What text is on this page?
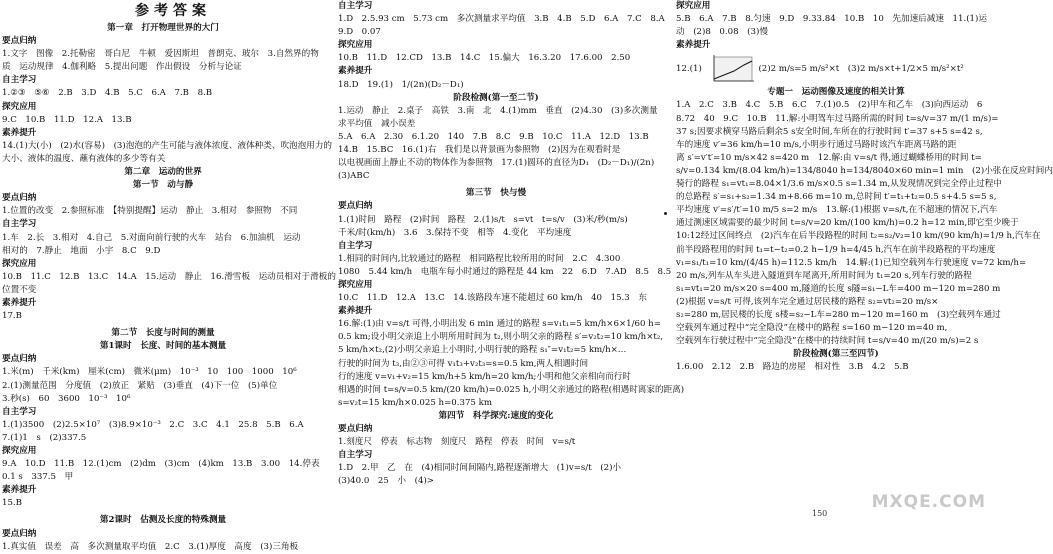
参考答案
第一章　打开物理世界的大门
要点归纳
1.文字　图像　2.托勒密　哥白尼　牛顿　爱因斯坦　普朗克、玻尔　3.自然界的物
质　运动规律　4.伽利略　5.提出问题　作出假设　分析与论证
自主学习
1.②③　⑤⑥　2.B　3.D　4.B　5.C　6.A　7.B　8.B
探究应用
9.C　10.B　11.D　12.A　13.B
素养提升
14.(1)大(小)　(2)水(容易)　(3)泡泡的产生可能与液体浓度、液体种类、吹泡泡用力的
大小、液体的温度、蘸有液体的多少等有关
第二章　运动的世界
第一节　动与静
要点归纳
1.位置的改变　2.参照标准　【特别提醒】运动　静止　3.相对　参照物　不同
自主学习
1.车　2.长　3.相对　4.自己　5.对面向前行驶的火车　站台　6.加油机　运动
相对的　7.静止　地面　小宇　8.C　9.D
探究应用
10.B　11.C　12.B　13.C　14.A　15.运动　静止　16.滑雪板　运动员相对于滑板的
位置不变
素养提升
17.B
第二节　长度与时间的测量
第1课时　长度、时间的基本测量
要点归纳
1.米(m)　千米(km)　厘米(cm)　微米(μm)　10⁻³　10　100　1000　10⁶
2.(1)测量范围　分度值　(2)放正　紧贴　(3)垂直　(4)下一位　(5)单位
3.秒(s)　60　3600　10⁻³　10⁶
自主学习
1.(1)3500　(2)2.5×10⁷　(3)8.9×10⁻³　2.C　3.C　4.1　25.8　5.B　6.A
7.(1)1　s　(2)337.5
探究应用
9.A　10.D　11.B　12.(1)cm　(2)dm　(3)cm　(4)km　13.B　3.00　14.停表
0.1 s　337.5　甲
素养提升
15.B
第2课时　估测及长度的特殊测量
要点归纳
1.真实值　误差　高　多次测量取平均值　2.C　3.(1)厚度　高度　(3)三角板
自主学习
1.D　2.5.93 cm　5.73 cm　多次测量求平均值　3.B　4.B　5.D　6.A　7.C　8.A
9.D　0.07
探究应用
10.B　11.D　12.CD　13.B　14.C　15.偏大　16.3.20　17.6.00　2.50
素养提升
18.D　19.(1)　1/(2n)(D₂－D₁)
阶段检测(第一至二节)
1.运动　静止　2.桌子　高铁　3.南　北　4.(1)mm　垂直　(2)4.30　(3)多次测量
求平均值　减小误差
5.A　6.A　2.30　6.1.20　140　7.B　8.C　9.B　10.C　11.A　12.D　13.B
14.B　15.BC　16.(1)右　我们是以背景画为参照物　(2)因为在观看时是
以电视画面上静止不动的物体作为参照物　17.(1)圆环的直径为D₁　(D₂－D₁)/(2n)
(3)ABC
第三节　快与慢
要点归纳
1.(1)时间　路程　(2)时间　路程　2.(1)s/t　s=vt　t=s/v　(3)米/秒(m/s)
千米/时(km/h)　3.6　3.保持不变　相等　4.变化　平均速度
自主学习
1.相同的时间内,比较通过的路程　相同路程比较所用的时间　2.C　4.300
1080　5.44 km/h　电瓶车每小时通过的路程是 44 km　22　6.D　7.AD　8.5　8.5
探究应用
10.C　11.D　12.A　13.C　14.该路段车速不能超过 60 km/h　40　15.3　东
素养提升
16.解:(1)由 v=s/t 可得,小明出发 6 min 通过的路程 s=v₁t₁=5 km/h×6×1/60 h=
0.5 km;设小明父亲追上小明所用时间为 t₂,则小明父亲的路程 s′=v₂t₂=10 km/h×t₂,
5 km/h×t₂,(2)小明父亲追上小明时,小明行驶的路程 s₁″=v₁t₂=5 km/h×…
行驶的时间为 t₃,由②③可得 v₁t₃+v₂t₃=s=0.5 km,两人相遇时间
行的速度 v=v₁+v₂=15 km/h+5 km/h=20 km/h;小明和他父亲相向而行时
相遇的时间 t=s/v=0.5 km/(20 km/h)=0.025 h,小明父亲通过的路程(相遇时离家的距离)
s=v₂t=15 km/h×0.025 h=0.375 km
第四节　科学探究:速度的变化
要点归纳
1.刻度尺　停表　标志物　刻度尺　路程　停表　时间　v=s/t
自主学习
1.D　2.甲　乙　在　(4)相同时间间隔内,路程逐渐增大　(1)v=s/t　(2)小
(3)40.0　25　小　(4)>
探究应用
5.B　6.A　7.B　8.匀速　9.D　9.33.84　10.B　10　先加速后减速　11.(1)运
动　(2)8　0.08　(3)慢
素养提升
12.(1)　	(2)2 m/s=5 m/s²×t　(3)2 m/s×t+1/2×5 m/s²×t²
专题一　运动图像及速度的相关计算
1.A　2.C　3.B　4.C　5.B　6.C　7.(1)0.5　(2)甲车和乙车　(3)向西运动　6
8.72　40　9.C　10.B　11.解:小明驾车过马路所需的时间 t=s/v=37 m/(1 m/s)=
37 s;因要求横穿马路后剩余5 s安全时间,车所在的行驶时间 t′=37 s+5 s=42 s,
车的速度 v′=36 km/h=10 m/s,小明步行通过马路时该汽车距离马路的距
离 s′=v′t′=10 m/s×42 s=420 m　12.解:由 v=s/t 得,通过蝴蝶桥用的时间 t=
s/v=0.134 km/(8.04 km/h)=134/8040 h=134/8040×60 min=1 min　(2)小张在反应时间内
骑行的路程 s₁=vt₁=8.04×1/3.6 m/s×0.5 s=1.34 m,从发现情况到完全停止过程中
的总路程 s′=s₁+s₂=1.34 m+8.66 m=10 m,总时间 t′=t₁+t₂=0.5 s+4.5 s=5 s,
平均速度 v′=s′/t′=10 m/5 s=2 m/s　13.解:(1)根据 v=s/t,在不超速的情况下,汽车
通过测速区域需要的最少时间 t=s/v=20 km/(100 km/h)=0.2 h=12 min,即它至少晚于
10:12经过区间终点　(2)汽车在后半段路程的时间 t₂=s₂/v₂=10 km/(90 km/h)=1/9 h,汽车在
前半段路程用的时间 t₁=t−t₂=0.2 h−1/9 h=4/45 h,汽车在前半段路程的平均速度
v₁=s₁/t₁=10 km/(4/45 h)=112.5 km/h　14.解:(1)已知空载列车行驶速度 v=72 km/h=
20 m/s,列车从车头进入隧道到车尾离开,所用时间为 t₁=20 s,列车行驶的路程
s₁=vt₁=20 m/s×20 s=400 m,隧道的长度 s隧=s₁−L车=400 m−120 m=280 m
(2)根据 v=s/t 可得,该列车完全通过居民楼的路程 s₂=vt₂=20 m/s×
s₂=280 m,居民楼的长度 s楼=s₂−L车=280 m−120 m=160 m　(3)空载列车通过
空载列车通过程中“完全隐没”在楼中的路程 s=160 m−120 m=40 m,
空载列车行驶过程中“完全隐没”在楼中的持续时间 t=s/v=40 m/(20 m/s)=2 s
阶段检测(第三至四节)
1.6.00　2.12　2.B　路边的房屋　相对性　3.B　4.2　5.B
150
MXQE.COM
